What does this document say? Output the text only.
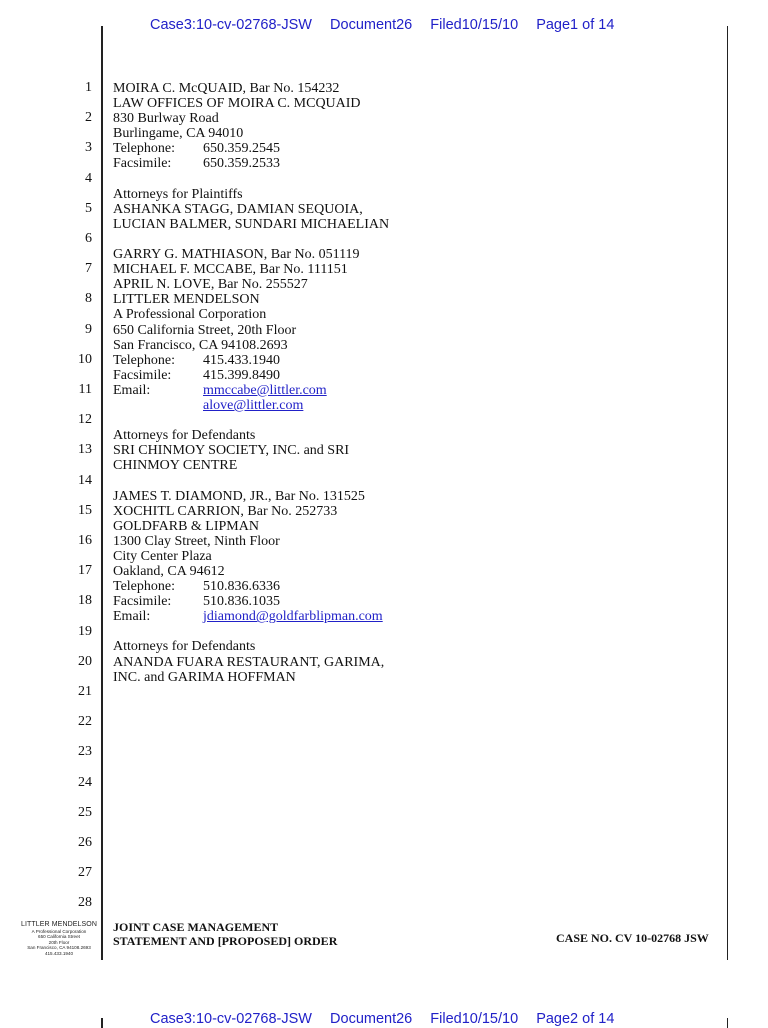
Case3:10-cv-02768-JSW Document26 Filed10/15/10 Page1 of 14
1
2
3
4
5
6
7
8
9
10
11
12
13
14
15
16
17
18
19
20
21
22
23
24
25
26
27
28
MOIRA C. McQUAID, Bar No. 154232
LAW OFFICES OF MOIRA C. MCQUAID
830 Burlway Road
Burlingame, CA 94010
Telephone: 650.359.2545
Facsimile: 650.359.2533
Attorneys for Plaintiffs
ASHANKA STAGG, DAMIAN SEQUOIA,
LUCIAN BALMER, SUNDARI MICHAELIAN
GARRY G. MATHIASON, Bar No. 051119
MICHAEL F. MCCABE, Bar No. 111151
APRIL N. LOVE, Bar No. 255527
LITTLER MENDELSON
A Professional Corporation
650 California Street, 20th Floor
San Francisco, CA 94108.2693
Telephone: 415.433.1940
Facsimile: 415.399.8490
Email:	mmccabe@littler.com
alove@littler.com
Attorneys for Defendants
SRI CHINMOY SOCIETY, INC. and SRI
CHINMOY CENTRE
JAMES T. DIAMOND, JR., Bar No. 131525
XOCHITL CARRION, Bar No. 252733
GOLDFARB & LIPMAN
1300 Clay Street, Ninth Floor
City Center Plaza
Oakland, CA 94612
Telephone: 510.836.6336
Facsimile: 510.836.1035
Email:	jdiamond@goldfarblipman.com
Attorneys for Defendants
ANANDA FUARA RESTAURANT, GARIMA,
INC. and GARIMA HOFFMAN
LITTLER MENDELSON
A Professional Corporation
650 California Street
20th Floor
San Francisco, CA 94108.2693
415.433.1940
JOINT CASE MANAGEMENT
STATEMENT AND [PROPOSED] ORDER	CASE NO. CV 10-02768 JSW
Case3:10-cv-02768-JSW Document26 Filed10/15/10 Page2 of 14
